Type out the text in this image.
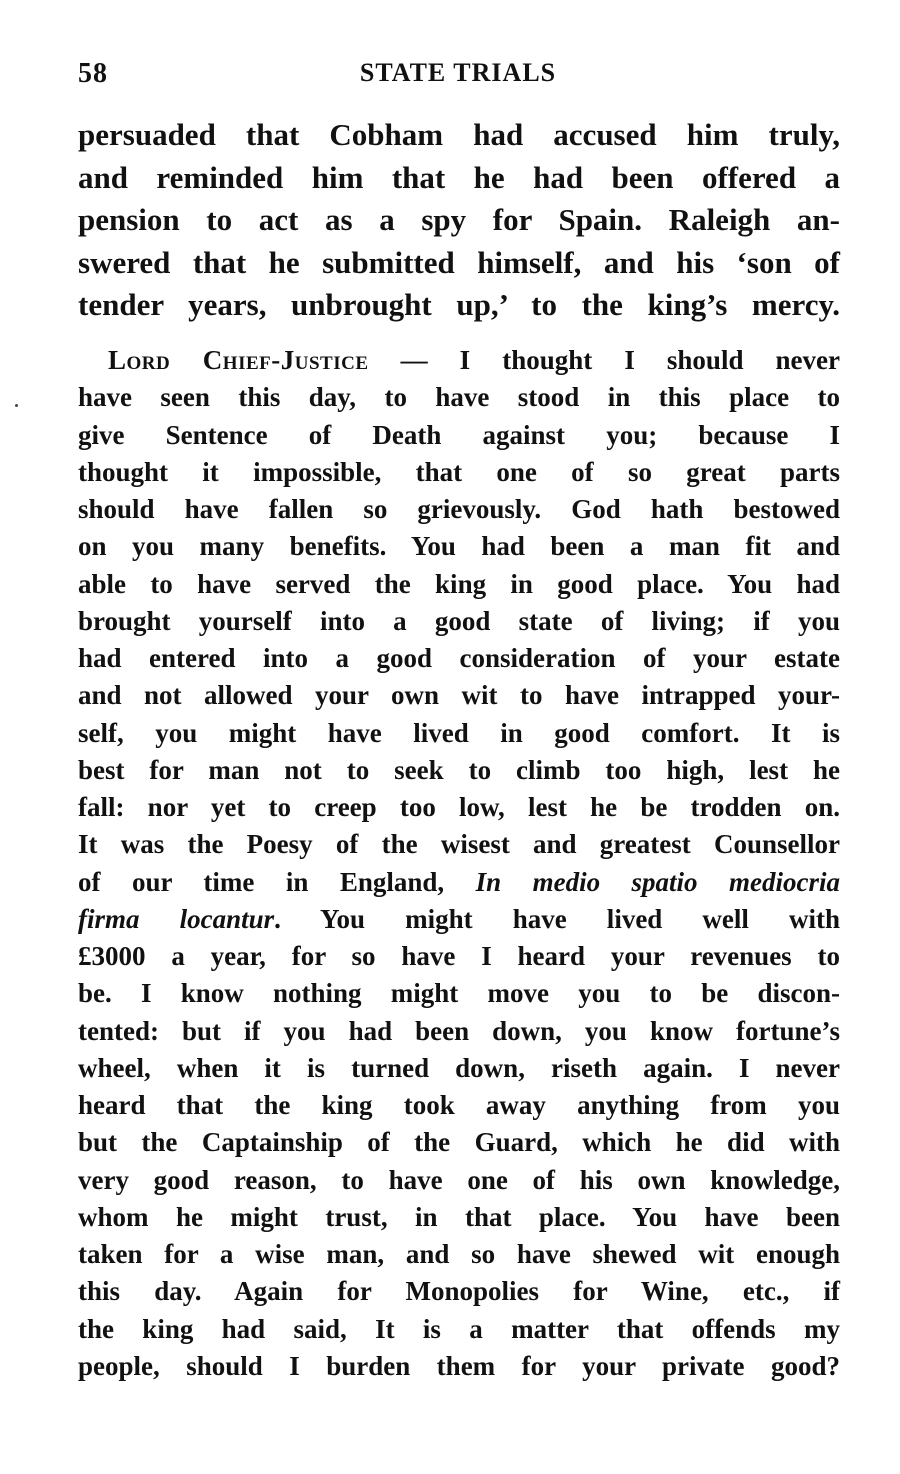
58	STATE TRIALS
persuaded that Cobham had accused him truly,
and reminded him that he had been offered a
pension to act as a spy for Spain. Raleigh an-
swered that he submitted himself, and his ‘son of
tender years, unbrought up,’ to the king’s mercy.
Lord Chief-Justice — I thought I should never
have seen this day, to have stood in this place to
give Sentence of Death against you; because I
thought it impossible, that one of so great parts
should have fallen so grievously. God hath bestowed
on you many benefits. You had been a man fit and
able to have served the king in good place. You had
brought yourself into a good state of living; if you
had entered into a good consideration of your estate
and not allowed your own wit to have intrapped your-
self, you might have lived in good comfort. It is
best for man not to seek to climb too high, lest he
fall: nor yet to creep too low, lest he be trodden on.
It was the Poesy of the wisest and greatest Counsellor
of our time in England, In medio spatio mediocria
firma locantur. You might have lived well with
£3000 a year, for so have I heard your revenues to
be. I know nothing might move you to be discon-
tented: but if you had been down, you know fortune’s
wheel, when it is turned down, riseth again. I never
heard that the king took away anything from you
but the Captainship of the Guard, which he did with
very good reason, to have one of his own knowledge,
whom he might trust, in that place. You have been
taken for a wise man, and so have shewed wit enough
this day. Again for Monopolies for Wine, etc., if
the king had said, It is a matter that offends my
people, should I burden them for your private good?
